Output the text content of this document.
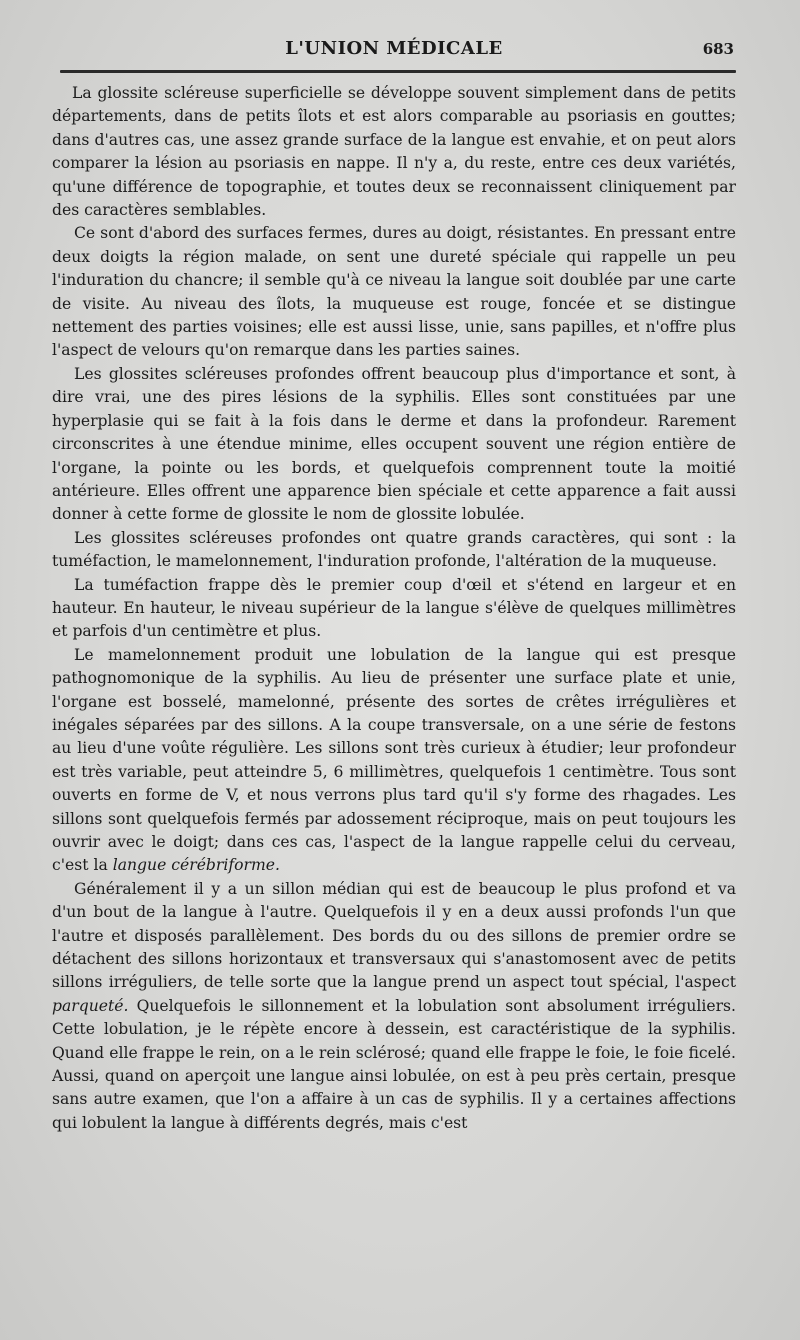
L'UNION MÉDICALE	683

La glossite scléreuse superficielle se développe souvent simplement dans de petits départements, dans de petits îlots et est alors comparable au psoriasis en gouttes; dans d'autres cas, une assez grande surface de la langue est envahie, et on peut alors comparer la lésion au psoriasis en nappe. Il n'y a, du reste, entre ces deux variétés, qu'une différence de topographie, et toutes deux se reconnaissent cliniquement par des caractères semblables.

Ce sont d'abord des surfaces fermes, dures au doigt, résistantes. En pressant entre deux doigts la région malade, on sent une dureté spéciale qui rappelle un peu l'induration du chancre; il semble qu'à ce niveau la langue soit doublée par une carte de visite. Au niveau des îlots, la muqueuse est rouge, foncée et se distingue nettement des parties voisines; elle est aussi lisse, unie, sans papilles, et n'offre plus l'aspect de velours qu'on remarque dans les parties saines.

Les glossites scléreuses profondes offrent beaucoup plus d'importance et sont, à dire vrai, une des pires lésions de la syphilis. Elles sont constituées par une hyperplasie qui se fait à la fois dans le derme et dans la profondeur. Rarement circonscrites à une étendue minime, elles occupent souvent une région entière de l'organe, la pointe ou les bords, et quelquefois comprennent toute la moitié antérieure. Elles offrent une apparence bien spéciale et cette apparence a fait aussi donner à cette forme de glossite le nom de glossite lobulée.

Les glossites scléreuses profondes ont quatre grands caractères, qui sont : la tuméfaction, le mamelonnement, l'induration profonde, l'altération de la muqueuse.

La tuméfaction frappe dès le premier coup d'œil et s'étend en largeur et en hauteur. En hauteur, le niveau supérieur de la langue s'élève de quelques millimètres et parfois d'un centimètre et plus.

Le mamelonnement produit une lobulation de la langue qui est presque pathognomonique de la syphilis. Au lieu de présenter une surface plate et unie, l'organe est bosselé, mamelonné, présente des sortes de crêtes irrégulières et inégales séparées par des sillons. A la coupe transversale, on a une série de festons au lieu d'une voûte régulière. Les sillons sont très curieux à étudier; leur profondeur est très variable, peut atteindre 5, 6 millimètres, quelquefois 1 centimètre. Tous sont ouverts en forme de V, et nous verrons plus tard qu'il s'y forme des rhagades. Les sillons sont quelquefois fermés par adossement réciproque, mais on peut toujours les ouvrir avec le doigt; dans ces cas, l'aspect de la langue rappelle celui du cerveau, c'est la langue cérébriforme.

Généralement il y a un sillon médian qui est de beaucoup le plus profond et va d'un bout de la langue à l'autre. Quelquefois il y en a deux aussi profonds l'un que l'autre et disposés parallèlement. Des bords du ou des sillons de premier ordre se détachent des sillons horizontaux et transversaux qui s'anastomosent avec de petits sillons irréguliers, de telle sorte que la langue prend un aspect tout spécial, l'aspect parqueté. Quelquefois le sillonnement et la lobulation sont absolument irréguliers. Cette lobulation, je le répète encore à dessein, est caractéristique de la syphilis. Quand elle frappe le rein, on a le rein sclérosé; quand elle frappe le foie, le foie ficelé. Aussi, quand on aperçoit une langue ainsi lobulée, on est à peu près certain, presque sans autre examen, que l'on a affaire à un cas de syphilis. Il y a certaines affections qui lobulent la langue à différents degrés, mais c'est
